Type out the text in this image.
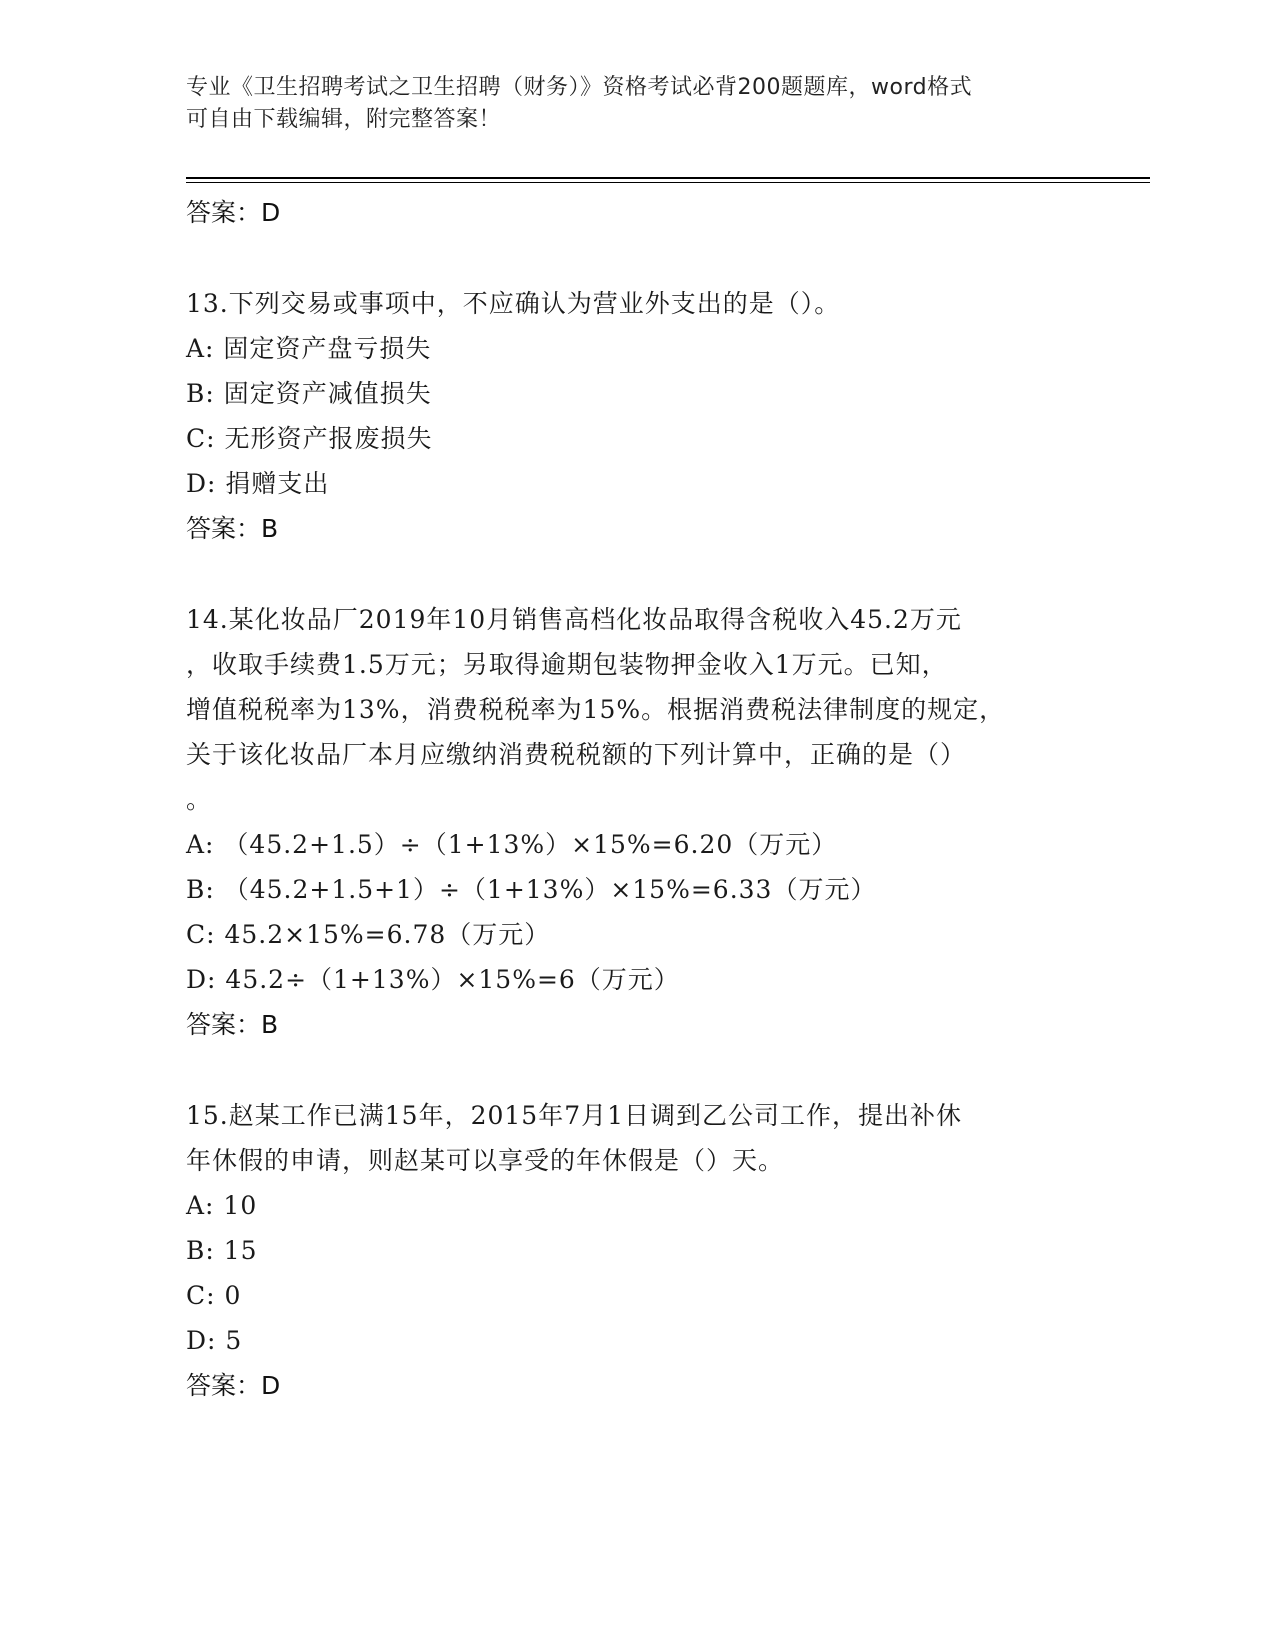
专业《卫生招聘考试之卫生招聘（财务）》资格考试必背200题题库，word格式
可自由下载编辑，附完整答案！
答案：D
13.下列交易或事项中，不应确认为营业外支出的是（）。
A: 固定资产盘亏损失
B: 固定资产减值损失
C: 无形资产报废损失
D: 捐赠支出
答案：B
14.某化妆品厂2019年10月销售高档化妆品取得含税收入45.2万元
，收取手续费1.5万元；另取得逾期包装物押金收入1万元。已知，
增值税税率为13%，消费税税率为15%。根据消费税法律制度的规定，
关于该化妆品厂本月应缴纳消费税税额的下列计算中，正确的是（）
。
A: （45.2+1.5）÷（1+13%）×15%=6.20（万元）
B: （45.2+1.5+1）÷（1+13%）×15%=6.33（万元）
C: 45.2×15%=6.78（万元）
D: 45.2÷（1+13%）×15%=6（万元）
答案：B
15.赵某工作已满15年，2015年7月1日调到乙公司工作，提出补休
年休假的申请，则赵某可以享受的年休假是（）天。
A: 10
B: 15
C: 0
D: 5
答案：D
